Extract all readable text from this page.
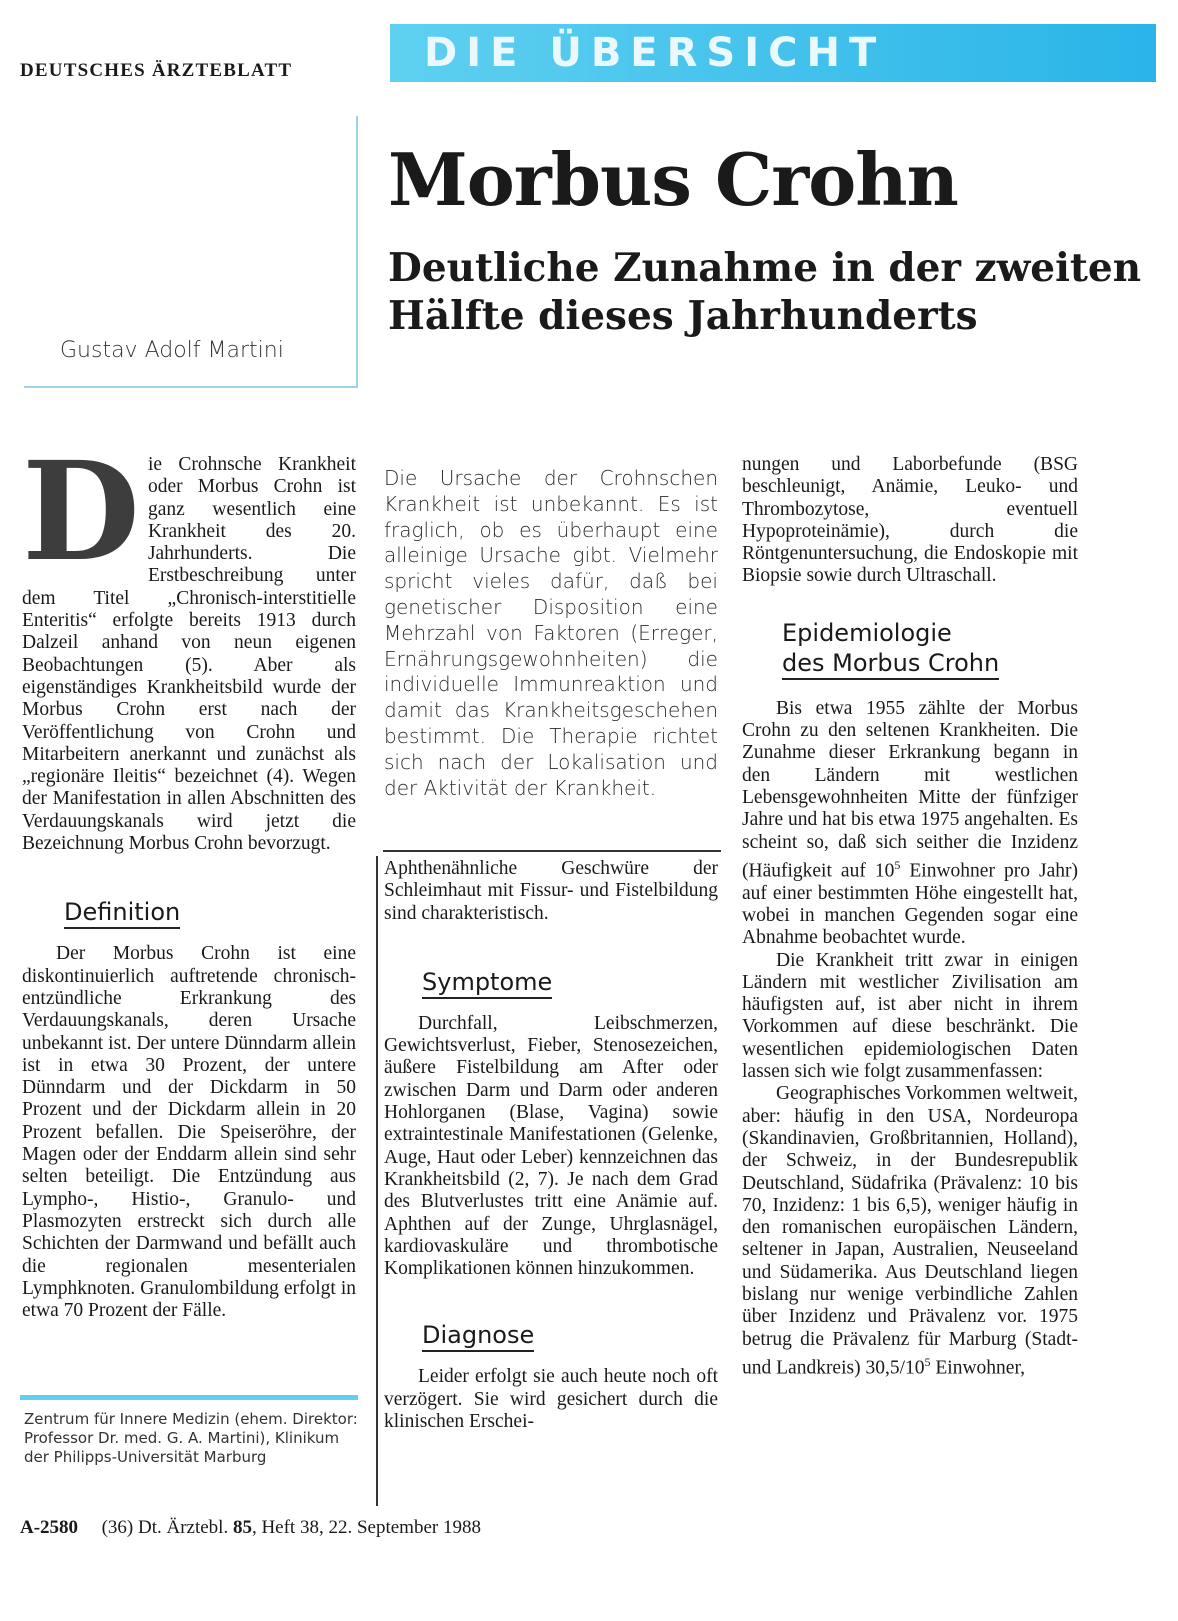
DEUTSCHES ÄRZTEBLATT	DIE ÜBERSICHT
Gustav Adolf Martini
Morbus Crohn
Deutliche Zunahme in der zweiten Hälfte dieses Jahrhunderts
D ie Crohnsche Krankheit oder Morbus Crohn ist ganz wesentlich eine Krankheit des 20. Jahrhunderts. Die Erstbeschreibung unter dem Titel „Chronisch-interstitielle Enteritis“ erfolgte bereits 1913 durch Dalzeil anhand von neun eigenen Beobachtungen (5). Aber als eigenständiges Krankheitsbild wurde der Morbus Crohn erst nach der Veröffentlichung von Crohn und Mitarbeitern anerkannt und zunächst als „regionäre Ileitis“ bezeichnet (4). Wegen der Manifestation in allen Abschnitten des Verdauungskanals wird jetzt die Bezeichnung Morbus Crohn bevorzugt.

Definition

Der Morbus Crohn ist eine diskontinuierlich auftretende chronisch-entzündliche Erkrankung des Verdauungskanals, deren Ursache unbekannt ist. Der untere Dünndarm allein ist in etwa 30 Prozent, der untere Dünndarm und der Dickdarm in 50 Prozent und der Dickdarm allein in 20 Prozent befallen. Die Speiseröhre, der Magen oder der Enddarm allein sind sehr selten beteiligt. Die Entzündung aus Lympho-, Histio-, Granulo- und Plasmozyten erstreckt sich durch alle Schichten der Darmwand und befällt auch die regionalen mesenterialen Lymphknoten. Granulombildung erfolgt in etwa 70 Prozent der Fälle.

Zentrum für Innere Medizin (ehem. Direktor: Professor Dr. med. G. A. Martini), Klinikum der Philipps-Universität Marburg
Die Ursache der Crohnschen Krankheit ist unbekannt. Es ist fraglich, ob es überhaupt eine alleinige Ursache gibt. Vielmehr spricht vieles dafür, daß bei genetischer Disposition eine Mehrzahl von Faktoren (Erreger, Ernährungsgewohnheiten) die individuelle Immunreaktion und damit das Krankheitsgeschehen bestimmt. Die Therapie richtet sich nach der Lokalisation und der Aktivität der Krankheit.

Aphthenähnliche Geschwüre der Schleimhaut mit Fissur- und Fistelbildung sind charakteristisch.

Symptome

Durchfall, Leibschmerzen, Gewichtsverlust, Fieber, Stenosezeichen, äußere Fistelbildung am After oder zwischen Darm und Darm oder anderen Hohlorganen (Blase, Vagina) sowie extraintestinale Manifestationen (Gelenke, Auge, Haut oder Leber) kennzeichnen das Krankheitsbild (2, 7). Je nach dem Grad des Blutverlustes tritt eine Anämie auf. Aphthen auf der Zunge, Uhrglasnägel, kardiovaskuläre und thrombotische Komplikationen können hinzukommen.

Diagnose

Leider erfolgt sie auch heute noch oft verzögert. Sie wird gesichert durch die klinischen Erschei-

nungen und Laborbefunde (BSG beschleunigt, Anämie, Leuko- und Thrombozytose, eventuell Hypoproteinämie), durch die Röntgenuntersuchung, die Endoskopie mit Biopsie sowie durch Ultraschall.

Epidemiologie
des Morbus Crohn

Bis etwa 1955 zählte der Morbus Crohn zu den seltenen Krankheiten. Die Zunahme dieser Erkrankung begann in den Ländern mit westlichen Lebensgewohnheiten Mitte der fünfziger Jahre und hat bis etwa 1975 angehalten. Es scheint so, daß sich seither die Inzidenz (Häufigkeit auf $10^5$ Einwohner pro Jahr) auf einer bestimmten Höhe eingestellt hat, wobei in manchen Gegenden sogar eine Abnahme beobachtet wurde.

Die Krankheit tritt zwar in einigen Ländern mit westlicher Zivilisation am häufigsten auf, ist aber nicht in ihrem Vorkommen auf diese beschränkt. Die wesentlichen epidemiologischen Daten lassen sich wie folgt zusammenfassen:

Geographisches Vorkommen weltweit, aber: häufig in den USA, Nordeuropa (Skandinavien, Großbritannien, Holland), der Schweiz, in der Bundesrepublik Deutschland, Südafrika (Prävalenz: 10 bis 70, Inzidenz: 1 bis 6,5), weniger häufig in den romanischen europäischen Ländern, seltener in Japan, Australien, Neuseeland und Südamerika. Aus Deutschland liegen bislang nur wenige verbindliche Zahlen über Inzidenz und Prävalenz vor. 1975 betrug die Prävalenz für Marburg (Stadt- und Landkreis) $30,5/10^5$ Einwohner,

A-2580 (36) Dt. Ärztebl. 85, Heft 38, 22. September 1988
